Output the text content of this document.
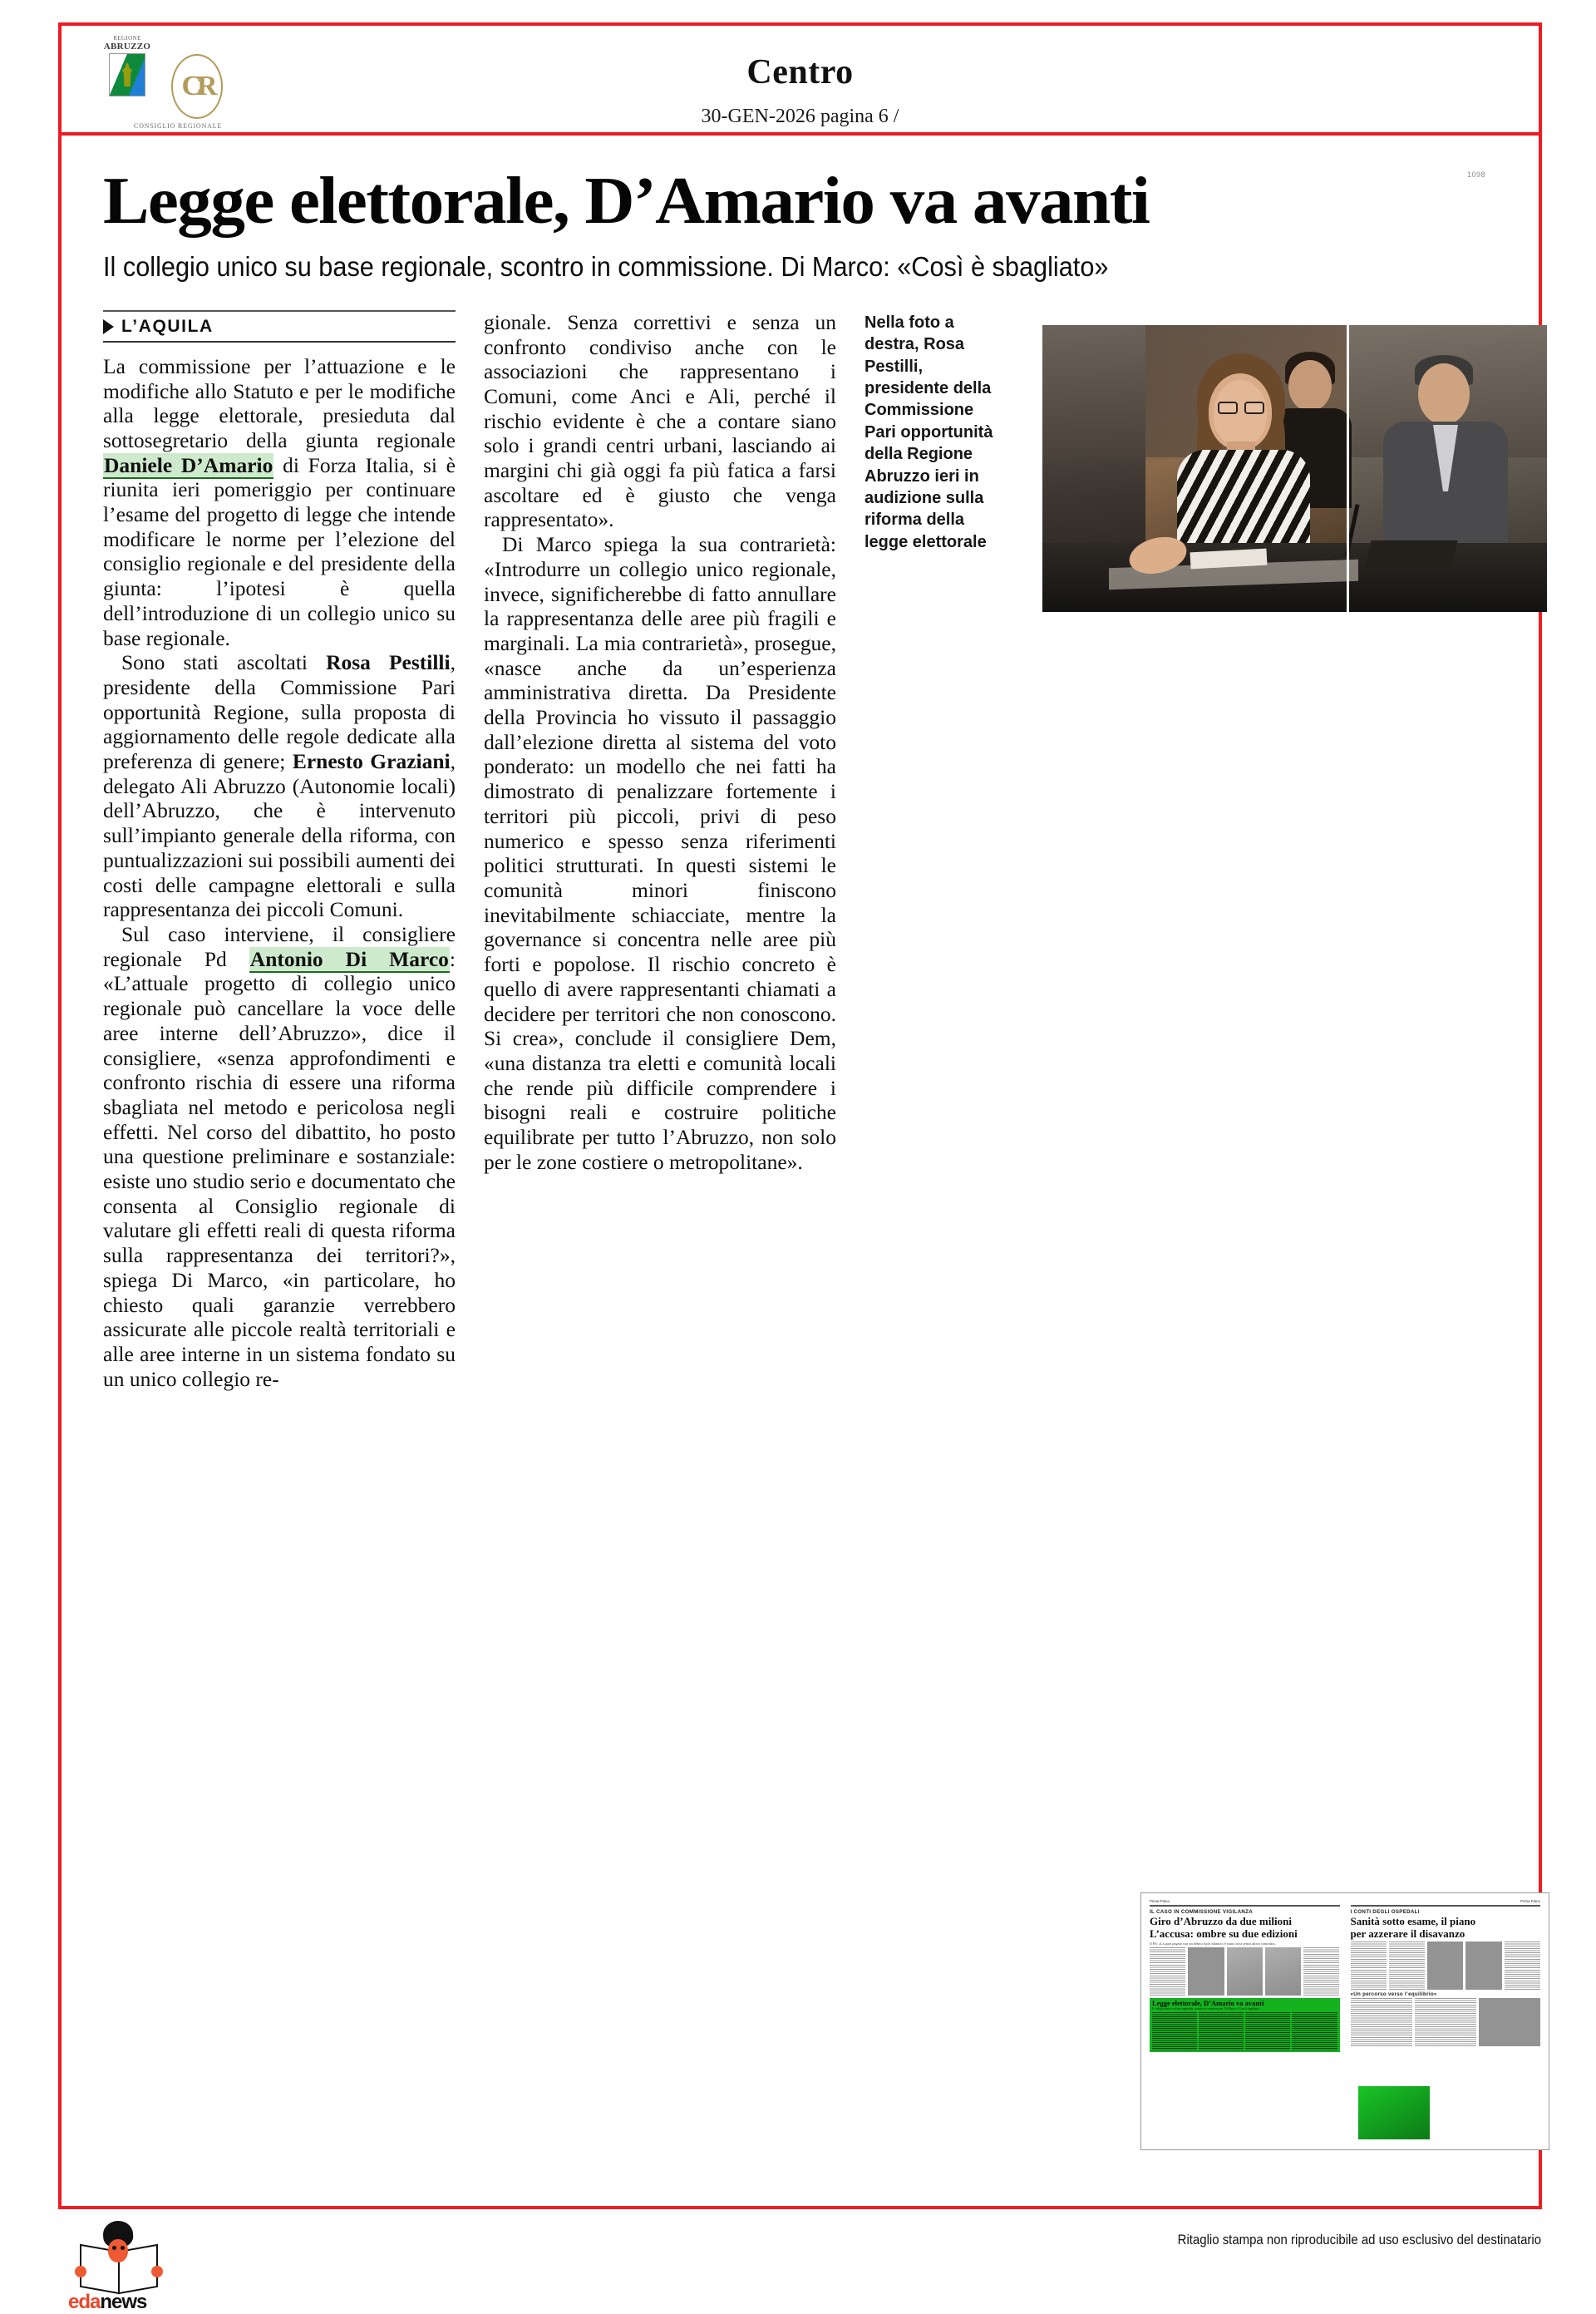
REGIONE
ABRUZZO
CR
CONSIGLIO REGIONALE
Centro
30-GEN-2026 pagina 6 /
1098
Legge elettorale, D’Amario va avanti
Il collegio unico su base regionale, scontro in commissione. Di Marco: «Così è sbagliato»
L’AQUILA

La commissione per l’attuazione e le modifiche allo Statuto e per le modifiche alla legge elettorale, presieduta dal sottosegretario della giunta regionale Daniele D’Amario di Forza Italia, si è riunita ieri pomeriggio per continuare l’esame del progetto di legge che intende modificare le norme per l’elezione del consiglio regionale e del presidente della giunta: l’ipotesi è quella dell’introduzione di un collegio unico su base regionale.

Sono stati ascoltati Rosa Pestilli, presidente della Commissione Pari opportunità Regione, sulla proposta di aggiornamento delle regole dedicate alla preferenza di genere; Ernesto Graziani, delegato Ali Abruzzo (Autonomie locali) dell’Abruzzo, che è intervenuto sull’impianto generale della riforma, con puntualizzazioni sui possibili aumenti dei costi delle campagne elettorali e sulla rappresentanza dei piccoli Comuni.

Sul caso interviene, il consigliere regionale Pd Antonio Di Marco: «L’attuale progetto di collegio unico regionale può cancellare la voce delle aree interne dell’Abruzzo», dice il consigliere, «senza approfondimenti e confronto rischia di essere una riforma sbagliata nel metodo e pericolosa negli effetti. Nel corso del dibattito, ho posto una questione preliminare e sostanziale: esiste uno studio serio e documentato che consenta al Consiglio regionale di valutare gli effetti reali di questa riforma sulla rappresentanza dei territori?», spiega Di Marco, «in particolare, ho chiesto quali garanzie verrebbero assicurate alle piccole realtà territoriali e alle aree interne in un sistema fondato su un unico collegio re-

gionale. Senza correttivi e senza un confronto condiviso anche con le associazioni che rappresentano i Comuni, come Anci e Ali, perché il rischio evidente è che a contare siano solo i grandi centri urbani, lasciando ai margini chi già oggi fa più fatica a farsi ascoltare ed è giusto che venga rappresentato».

Di Marco spiega la sua contrarietà: «Introdurre un collegio unico regionale, invece, significherebbe di fatto annullare la rappresentanza delle aree più fragili e marginali. La mia contrarietà», prosegue, «nasce anche da un’esperienza amministrativa diretta. Da Presidente della Provincia ho vissuto il passaggio dall’elezione diretta al sistema del voto ponderato: un modello che nei fatti ha dimostrato di penalizzare fortemente i territori più piccoli, privi di peso numerico e spesso senza riferimenti politici strutturati. In questi sistemi le comunità minori finiscono inevitabilmente schiacciate, mentre la governance si concentra nelle aree più forti e popolose. Il rischio concreto è quello di avere rappresentanti chiamati a decidere per territori che non conoscono. Si crea», conclude il consigliere Dem, «una distanza tra eletti e comunità locali che rende più difficile comprendere i bisogni reali e costruire politiche equilibrate per tutto l’Abruzzo, non solo per le zone costiere o metropolitane».

Nella foto a destra, Rosa Pestilli, presidente della Commissione Pari opportunità della Regione Abruzzo ieri in audizione sulla riforma della legge elettorale
Prima Piano
IL CASO IN COMMISSIONE VIGILANZA
Giro d’Abruzzo da due milioni
L’accusa: ombre su due edizioni
Il Pd: «La gara pagata con un debito fuori bilancio è stata corsa senza alcun contratto»
Legge elettorale, D’Amario va avanti
Il collegio unico su base regionale, scontro in commissione. Di Marco: «Così è sbagliato»
Prima Piano
I CONTI DEGLI OSPEDALI
Sanità sotto esame, il piano
per azzerare il disavanzo
«Un percorso verso l’equilibrio»
edanews
Ritaglio stampa non riproducibile ad uso esclusivo del destinatario
